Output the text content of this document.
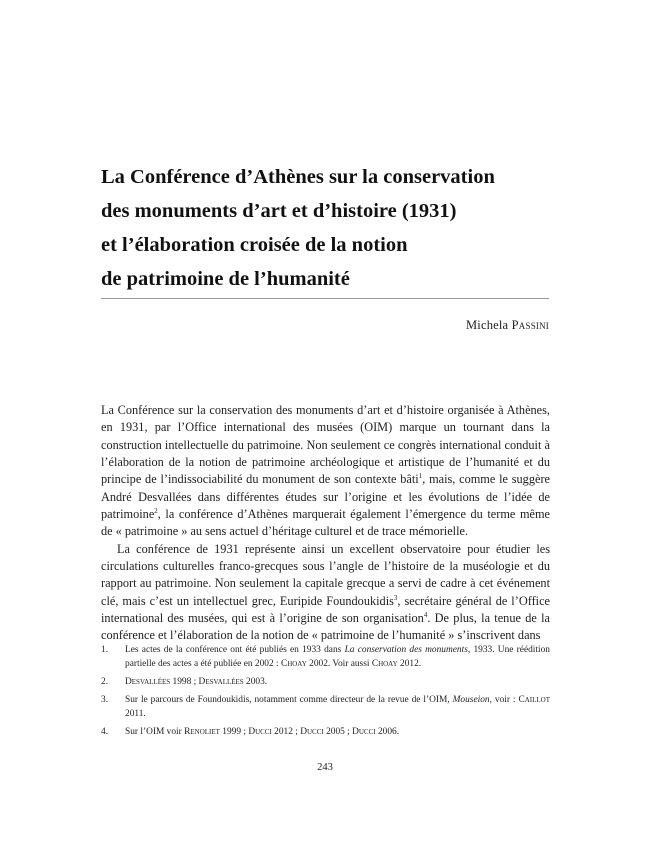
La Conférence d’Athènes sur la conservation
des monuments d’art et d’histoire (1931)
et l’élaboration croisée de la notion
de patrimoine de l’humanité
Michela Passini

La Conférence sur la conservation des monuments d’art et d’histoire organisée à Athènes, en 1931, par l’Office international des musées (OIM) marque un tournant dans la construction intellectuelle du patrimoine. Non seulement ce congrès international conduit à l’élaboration de la notion de patrimoine archéologique et artistique de l’humanité et du principe de l’indissociabilité du monument de son contexte bâti$^1$, mais, comme le suggère André Desvallées dans différentes études sur l’origine et les évolutions de l’idée de patrimoine$^2$, la conférence d’Athènes marquerait également l’émergence du terme même de « patrimoine » au sens actuel d’héritage culturel et de trace mémorielle.

La conférence de 1931 représente ainsi un excellent observatoire pour étudier les circulations culturelles franco-grecques sous l’angle de l’histoire de la muséologie et du rapport au patrimoine. Non seulement la capitale grecque a servi de cadre à cet événement clé, mais c’est un intellectuel grec, Euripide Foundoukidis$^3$, secrétaire général de l’Office international des musées, qui est à l’origine de son organisation$^4$. De plus, la tenue de la conférence et l’élaboration de la notion de « patrimoine de l’humanité » s’inscrivent dans

1.	Les actes de la conférence ont été publiés en 1933 dans La conservation des monuments, 1933. Une réédition partielle des actes a été publiée en 2002 : Choay 2002. Voir aussi Choay 2012.
2.	Desvallées 1998 ; Desvallées 2003.
3.	Sur le parcours de Foundoukidis, notamment comme directeur de la revue de l’OIM, Mouseion, voir : Caillot 2011.
4.	Sur l’OIM voir Renoliet 1999 ; Ducci 2012 ; Ducci 2005 ; Ducci 2006.
243
